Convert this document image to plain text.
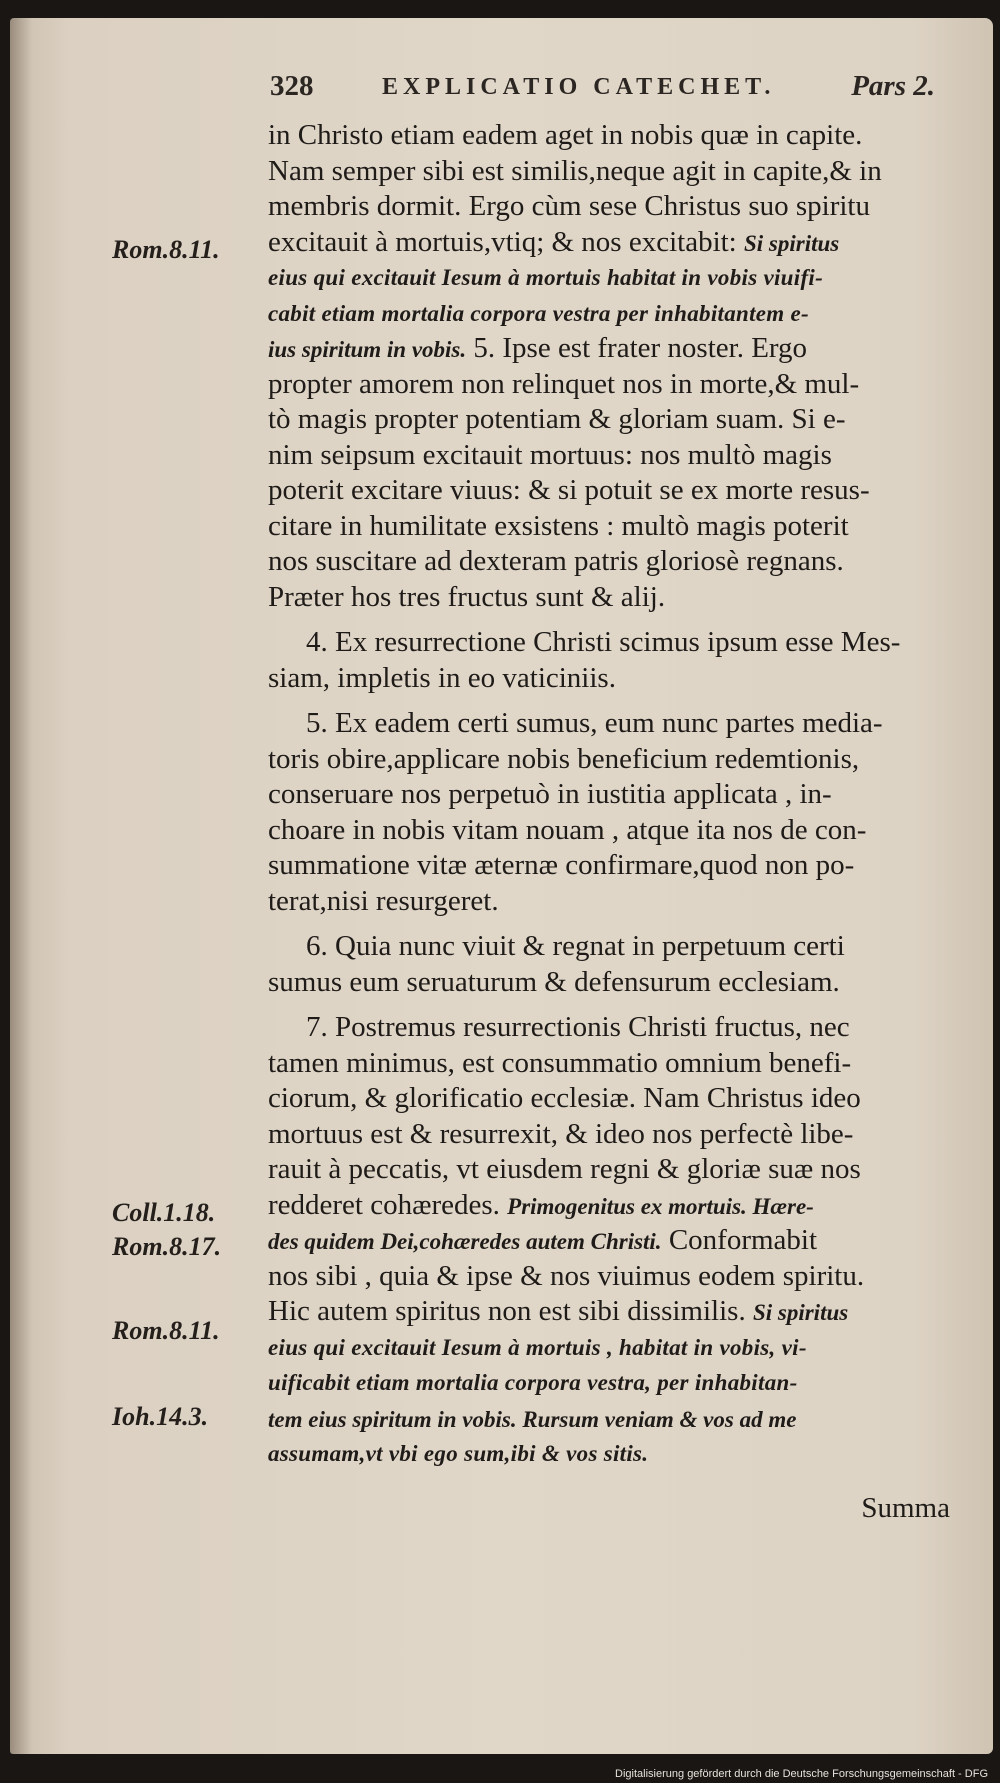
328	EXPLICATIO CATECHET.	Pars 2.
Rom.8.11.
Coll.1.18.
Rom.8.17.
Rom.8.11.
Ioh.14.3.
in Christo etiam eadem aget in nobis quæ in capite.
Nam semper sibi est similis,neque agit in capite,& in
membris dormit. Ergo cùm sese Christus suo spiritu
excitauit à mortuis,vtiq; & nos excitabit: Si spiritus
eius qui excitauit Iesum à mortuis habitat in vobis viuifi-
cabit etiam mortalia corpora vestra per inhabitantem e-
ius spiritum in vobis. 5. Ipse est frater noster. Ergo
propter amorem non relinquet nos in morte,& mul-
tò magis propter potentiam & gloriam suam. Si e-
nim seipsum excitauit mortuus: nos multò magis
poterit excitare viuus: & si potuit se ex morte resus-
citare in humilitate exsistens : multò magis poterit
nos suscitare ad dexteram patris gloriosè regnans.
Præter hos tres fructus sunt & alij.
4. Ex resurrectione Christi scimus ipsum esse Mes-
siam, impletis in eo vaticiniis.
5. Ex eadem certi sumus, eum nunc partes media-
toris obire,applicare nobis beneficium redemtionis,
conseruare nos perpetuò in iustitia applicata , in-
choare in nobis vitam nouam , atque ita nos de con-
summatione vitæ æternæ confirmare,quod non po-
terat,nisi resurgeret.
6. Quia nunc viuit & regnat in perpetuum certi
sumus eum seruaturum & defensurum ecclesiam.
7. Postremus resurrectionis Christi fructus, nec
tamen minimus, est consummatio omnium benefi-
ciorum, & glorificatio ecclesiæ. Nam Christus ideo
mortuus est & resurrexit, & ideo nos perfectè libe-
rauit à peccatis, vt eiusdem regni & gloriæ suæ nos
redderet cohæredes. Primogenitus ex mortuis. Hære-
des quidem Dei,cohæredes autem Christi. Conformabit
nos sibi , quia & ipse & nos viuimus eodem spiritu.
Hic autem spiritus non est sibi dissimilis. Si spiritus
eius qui excitauit Iesum à mortuis , habitat in vobis, vi-
uificabit etiam mortalia corpora vestra, per inhabitan-
tem eius spiritum in vobis. Rursum veniam & vos ad me
assumam,vt vbi ego sum,ibi & vos sitis.
Summa
Digitalisierung gefördert durch die Deutsche Forschungsgemeinschaft - DFG
